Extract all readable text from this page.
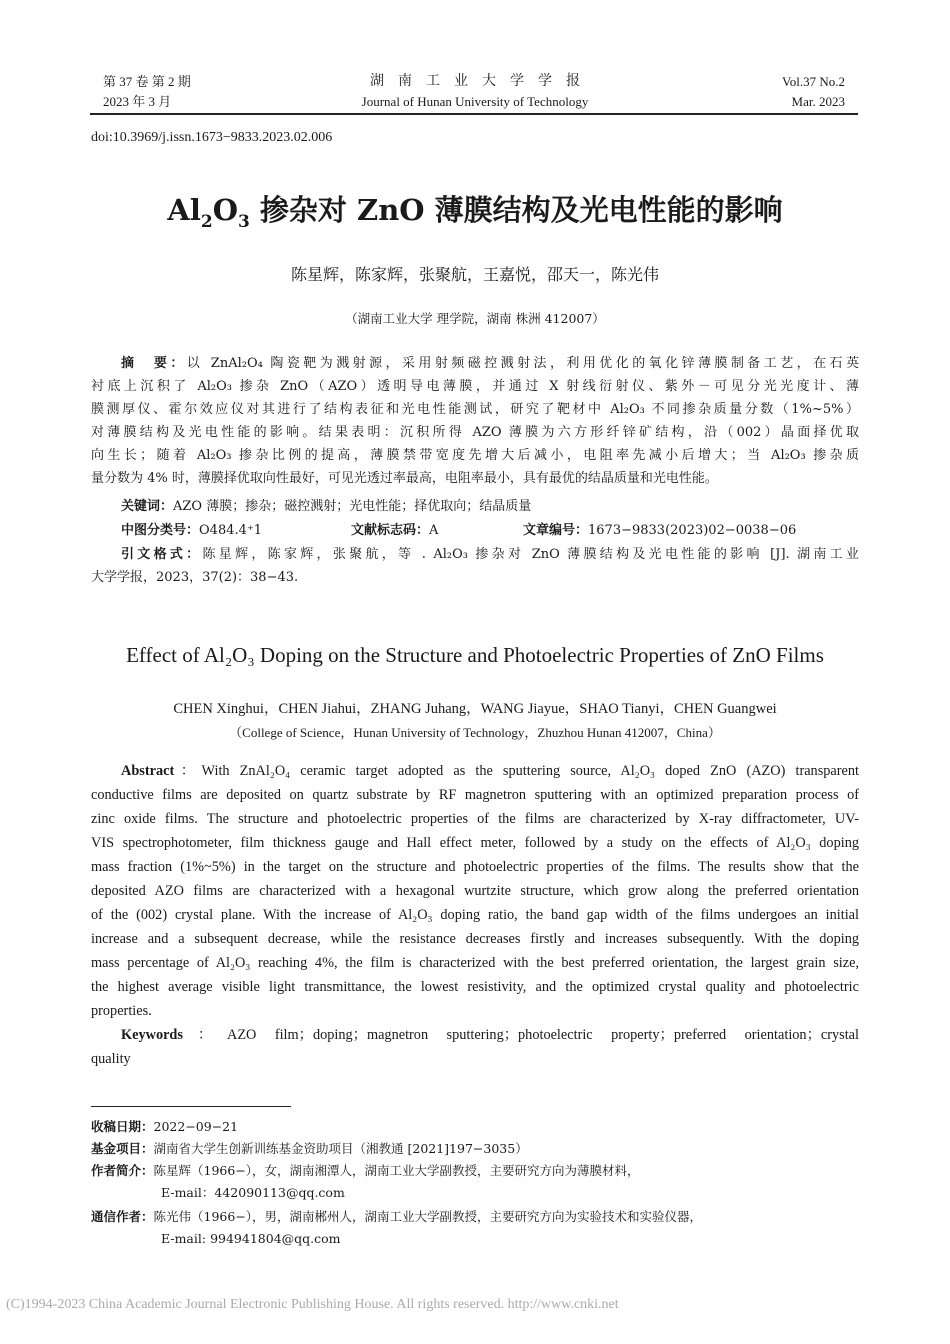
第 37 卷 第 2 期
2023 年 3 月
湖　南　工　业　大　学　学　报
Journal of Hunan University of Technology
Vol.37 No.2
Mar. 2023
doi:10.3969/j.issn.1673−9833.2023.02.006
$Al_2O_3$ 掺杂对 ZnO 薄膜结构及光电性能的影响
陈星辉，陈家辉，张聚航，王嘉悦，邵天一，陈光伟
（湖南工业大学 理学院，湖南 株洲 412007）
摘　要：以 ZnAl₂O₄ 陶瓷靶为溅射源，采用射频磁控溅射法，利用优化的氧化锌薄膜制备工艺，在石英
衬底上沉积了 Al₂O₃ 掺杂 ZnO（AZO）透明导电薄膜，并通过 X 射线衍射仪、紫外－可见分光光度计、薄
膜测厚仪、霍尔效应仪对其进行了结构表征和光电性能测试，研究了靶材中 Al₂O₃ 不同掺杂质量分数（1%~5%）
对薄膜结构及光电性能的影响。结果表明：沉积所得 AZO 薄膜为六方形纤锌矿结构，沿（002）晶面择优取
向生长；随着 Al₂O₃ 掺杂比例的提高，薄膜禁带宽度先增大后减小，电阻率先减小后增大；当 Al₂O₃ 掺杂质
量分数为 4% 时，薄膜择优取向性最好，可见光透过率最高，电阻率最小，具有最优的结晶质量和光电性能。
关键词：AZO 薄膜；掺杂；磁控溅射；光电性能；择优取向；结晶质量
中图分类号：O484.4⁺1	文献标志码：A	文章编号：1673−9833(2023)02−0038−06
引文格式：陈星辉，陈家辉，张聚航，等 . Al₂O₃ 掺杂对 ZnO 薄膜结构及光电性能的影响 [J]. 湖南工业
大学学报，2023，37(2)：38−43.
Effect of Al₂O₃ Doping on the Structure and Photoelectric Properties of ZnO Films
CHEN Xinghui，CHEN Jiahui，ZHANG Juhang，WANG Jiayue，SHAO Tianyi，CHEN Guangwei
（College of Science，Hunan University of Technology，Zhuzhou Hunan 412007，China）
Abstract：With ZnAl₂O₄ ceramic target adopted as the sputtering source, Al₂O₃ doped ZnO (AZO) transparent
conductive films are deposited on quartz substrate by RF magnetron sputtering with an optimized preparation process of
zinc oxide films. The structure and photoelectric properties of the films are characterized by X-ray diffractometer, UV-
VIS spectrophotometer, film thickness gauge and Hall effect meter, followed by a study on the effects of Al₂O₃ doping
mass fraction (1%~5%) in the target on the structure and photoelectric properties of the films. The results show that the
deposited AZO films are characterized with a hexagonal wurtzite structure, which grow along the preferred orientation
of the (002) crystal plane. With the increase of Al₂O₃ doping ratio, the band gap width of the films undergoes an initial
increase and a subsequent decrease, while the resistance decreases firstly and increases subsequently. With the doping
mass percentage of Al₂O₃ reaching 4%, the film is characterized with the best preferred orientation, the largest grain size,
the highest average visible light transmittance, the lowest resistivity, and the optimized crystal quality and photoelectric
properties.
Keywords：AZO film；doping；magnetron sputtering；photoelectric property；preferred orientation；crystal
quality
收稿日期：2022−09−21
基金项目：湖南省大学生创新训练基金资助项目（湘教通 [2021]197−3035）
作者简介：陈星辉（1966−），女，湖南湘潭人，湖南工业大学副教授，主要研究方向为薄膜材料，
E-mail：442090113@qq.com
通信作者：陈光伟（1966−），男，湖南郴州人，湖南工业大学副教授，主要研究方向为实验技术和实验仪器，
E-mail: 994941804@qq.com
(C)1994-2023 China Academic Journal Electronic Publishing House. All rights reserved. http://www.cnki.net
